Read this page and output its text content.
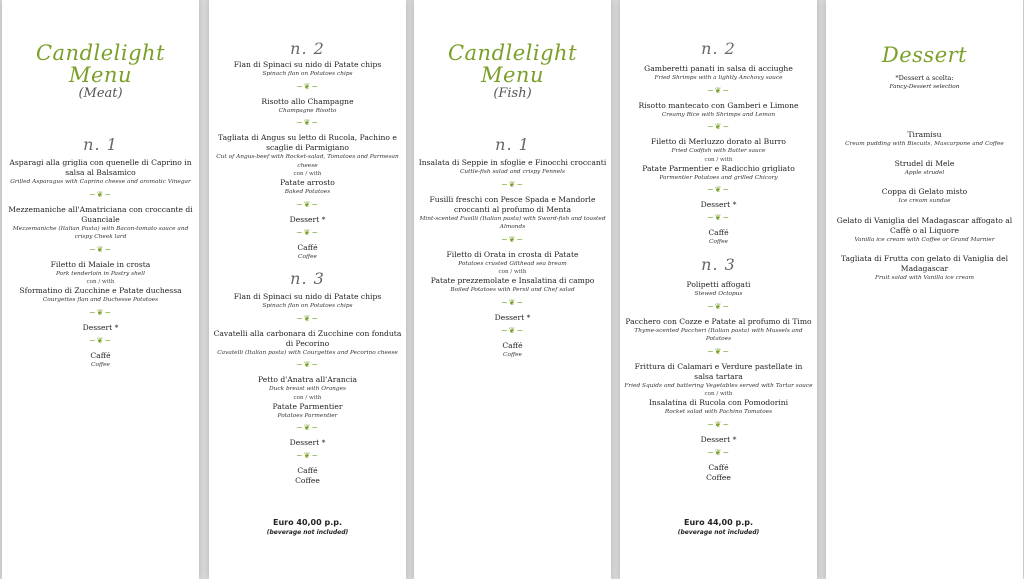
Candlelight Menu
(Meat)
n. 1
Asparagi alla griglia con quenelle di Caprino in salsa al Balsamico
Grilled Asparagus with Caprino cheese and aromatic Vinegar
~❦~
Mezzemaniche all'Amatriciana con croccante di Guanciale
Mezzemaniche (Italian Pasta) with Bacon-tomato sauce and crispy Cheek lard
~❦~
Filetto di Maiale in crosta
Pork tenderloin in Pastry shell
con / with
Sformatino di Zucchine e Patate duchessa
Courgettes flan and Duchesse Potatoes
~❦~
Dessert *
~❦~
Caffé
Coffee
n. 2
Flan di Spinaci su nido di Patate chips
Spinach flan on Potatoes chips
~❦~
Risotto allo Champagne
Champagne Risotto
~❦~
Tagliata di Angus su letto di Rucola, Pachino e scaglie di Parmigiano
Cut of Angus-beef with Rocket-salad, Tomatoes and Parmesan cheese
con / with
Patate arrosto
Baked Potatoes
~❦~
Dessert *
~❦~
Caffé
Coffee
n. 3
Flan di Spinaci su nido di Patate chips
Spinach flan on Potatoes chips
~❦~
Cavatelli alla carbonara di Zucchine con fonduta di Pecorino
Cavatelli (Italian pasta) with Courgettes and Pecorino cheese
~❦~
Petto d'Anatra all'Arancia
Duck breast with Oranges
con / with
Patate Parmentier
Potatoes Parmentier
~❦~
Dessert *
~❦~
Caffé
Coffee
Euro 40,00 p.p.
(beverage not included)
Candlelight Menu
(Fish)
n. 1
Insalata di Seppie in sfoglie e Finocchi croccanti
Cuttle-fish salad and crispy Fennels
~❦~
Fusilli freschi con Pesce Spada e Mandorle croccanti al profumo di Menta
Mint-scented Fusilli (Italian pasta) with Sword-fish and toasted Almonds
~❦~
Filetto di Orata in crosta di Patate
Potatoes crusted Gilthead sea bream
con / with
Patate prezzemolate e Insalatina di campo
Boiled Potatoes with Persil and Chef salad
~❦~
Dessert *
~❦~
Caffé
Coffee
n. 2
Gamberetti panati in salsa di acciughe
Fried Shrimps with a lightly Anchovy sauce
~❦~
Risotto mantecato con Gamberi e Limone
Creamy Rice with Shrimps and Lemon
~❦~
Filetto di Merluzzo dorato al Burro
Fried Codfish with Butter sauce
con / with
Patate Parmentier e Radicchio grigliato
Parmentier Potatoes and grilled Chicory
~❦~
Dessert *
~❦~
Caffé
Coffee
n. 3
Polipetti affogati
Stewed Octopus
~❦~
Pacchero con Cozze e Patate al profumo di Timo
Thyme-scented Paccheri (Italian pasta) with Mussels and Potatoes
~❦~
Frittura di Calamari e Verdure pastellate in salsa tartara
Fried Squids and battering Vegetables served with Tartar sauce
con / with
Insalatina di Rucola con Pomodorini
Rocket salad with Pachino Tomatoes
~❦~
Dessert *
~❦~
Caffé
Coffee
Euro 44,00 p.p.
(beverage not included)
Dessert
*Dessert a scelta:
Fancy-Dessert selection
Tiramisu
Cream pudding with Biscuits, Mascarpone and Coffee
Strudel di Mele
Apple strudel
Coppa di Gelato misto
Ice cream sundae
Gelato di Vaniglia del Madagascar affogato al Caffè o al Liquore
Vanilla ice cream with Coffee or Grand Marnier
Tagliata di Frutta con gelato di Vaniglia del Madagascar
Fruit salad with Vanilla ice cream
